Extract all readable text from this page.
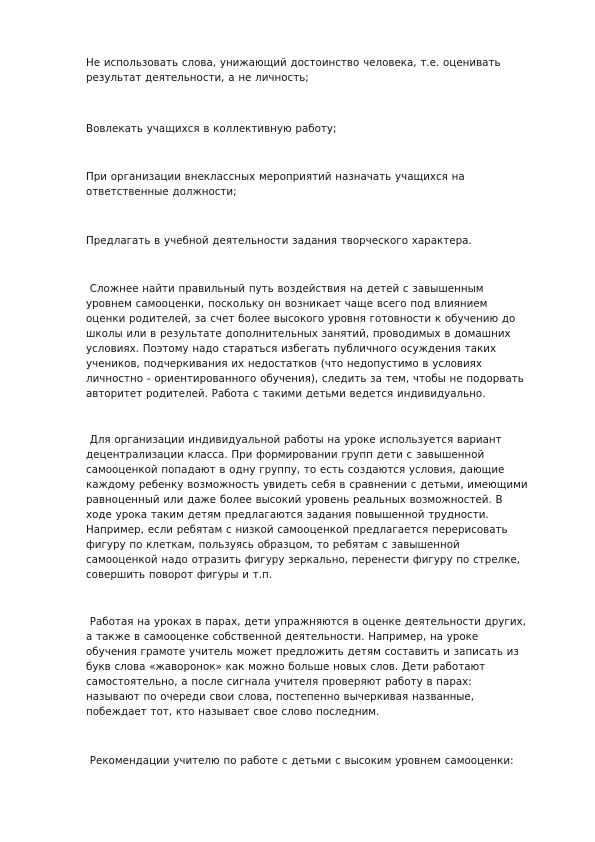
Не использовать слова, унижающий достоинство человека, т.е. оценивать
результат деятельности, а не личность;

Вовлекать учащихся в коллективную работу;

При организации внеклассных мероприятий назначать учащихся на
ответственные должности;

Предлагать в учебной деятельности задания творческого характера.

Сложнее найти правильный путь воздействия на детей с завышенным
уровнем самооценки, поскольку он возникает чаще всего под влиянием
оценки родителей, за счет более высокого уровня готовности к обучению до
школы или в результате дополнительных занятий, проводимых в домашних
условиях. Поэтому надо стараться избегать публичного осуждения таких
учеников, подчеркивания их недостатков (что недопустимо в условиях
личностно - ориентированного обучения), следить за тем, чтобы не подорвать
авторитет родителей. Работа с такими детьми ведется индивидуально.

Для организации индивидуальной работы на уроке используется вариант
децентрализации класса. При формировании групп дети с завышенной
самооценкой попадают в одну группу, то есть создаются условия, дающие
каждому ребенку возможность увидеть себя в сравнении с детьми, имеющими
равноценный или даже более высокий уровень реальных возможностей. В
ходе урока таким детям предлагаются задания повышенной трудности.
Например, если ребятам с низкой самооценкой предлагается перерисовать
фигуру по клеткам, пользуясь образцом, то ребятам с завышенной
самооценкой надо отразить фигуру зеркально, перенести фигуру по стрелке,
совершить поворот фигуры и т.п.

Работая на уроках в парах, дети упражняются в оценке деятельности других,
а также в самооценке собственной деятельности. Например, на уроке
обучения грамоте учитель может предложить детям составить и записать из
букв слова «жаворонок» как можно больше новых слов. Дети работают
самостоятельно, а после сигнала учителя проверяют работу в парах:
называют по очереди свои слова, постепенно вычеркивая названные,
побеждает тот, кто называет свое слово последним.

Рекомендации учителю по работе с детьми с высоким уровнем самооценки:
